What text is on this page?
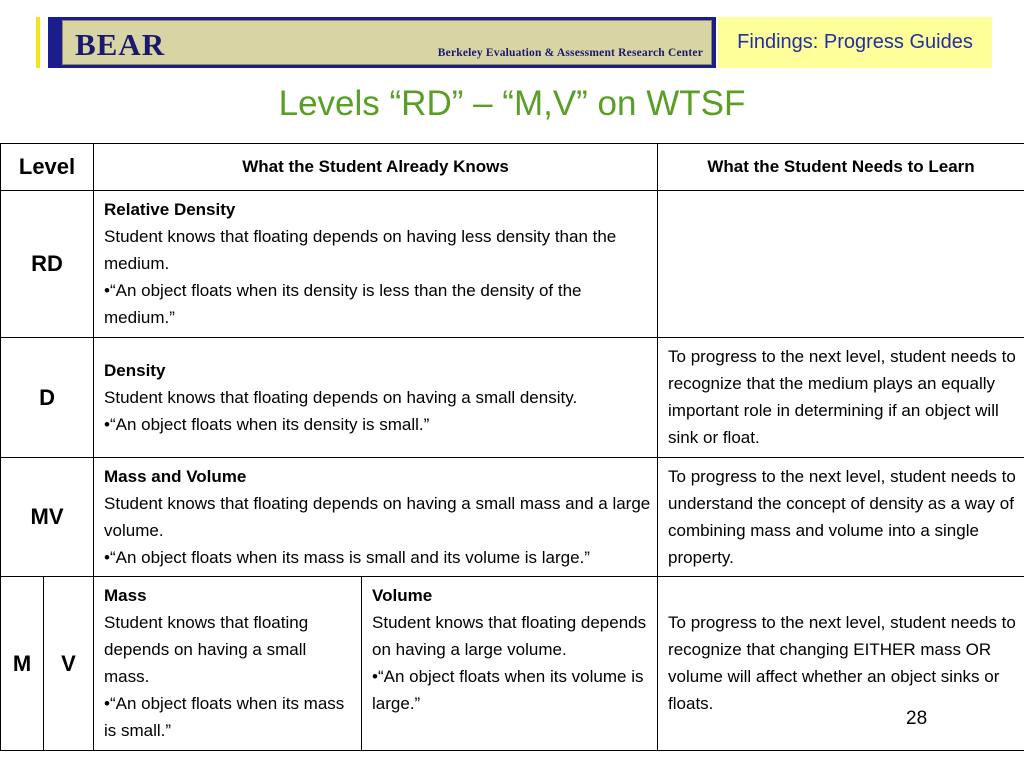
BEAR	Berkeley Evaluation & Assessment Research Center	Findings: Progress Guides
Levels “RD” – “M,V” on WTSF
Level		What the Student Already Knows		What the Student Needs to Learn
RD		Relative Density
Student knows that floating depends on having less density than the medium.
•“An object floats when its density is less than the density of the medium.”		

D		Density
Student knows that floating depends on having a small density.
•“An object floats when its density is small.”		To progress to the next level, student needs to recognize that the medium plays an equally important role in determining if an object will sink or float.
MV		Mass and Volume
Student knows that floating depends on having a small mass and a large volume.
•“An object floats when its mass is small and its volume is large.”		To progress to the next level, student needs to understand the concept of density as a way of combining mass and volume into a single property.
M	V	Mass
Student knows that floating depends on having a small mass.
•“An object floats when its mass is small.”	Volume
Student knows that floating depends on having a large volume.
•“An object floats when its volume is large.”	To progress to the next level, student needs to recognize that changing EITHER mass OR volume will affect whether an object sinks or floats.
28
